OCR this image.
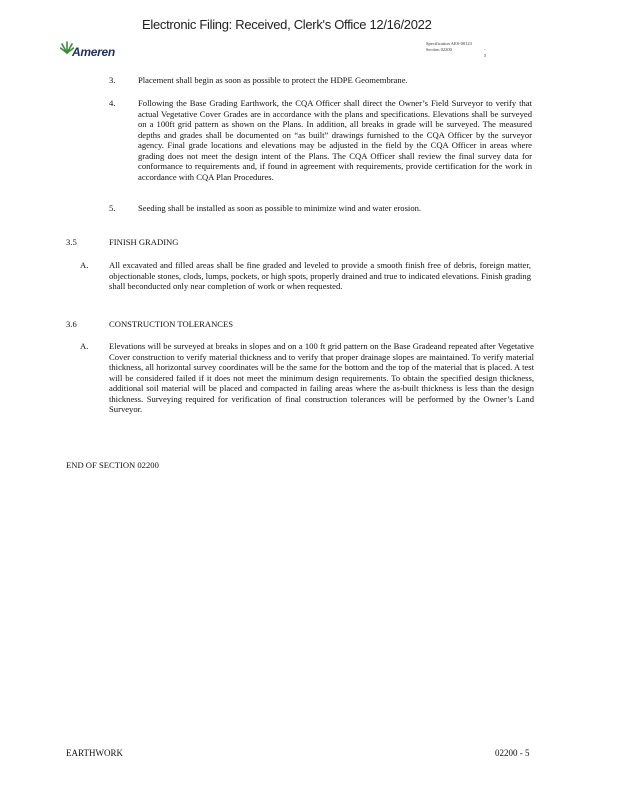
Electronic Filing: Received, Clerk's Office 12/16/2022
Ameren
Specification AES-00123
Section 02200	- 5
3.	Placement shall begin as soon as possible to protect the HDPE Geomembrane.
4.	Following the Base Grading Earthwork, the CQA Officer shall direct the Owner’s Field Surveyor to verify that actual Vegetative Cover Grades are in accordance with the plans and specifications. Elevations shall be surveyed on a 100ft grid pattern as shown on the Plans. In addition, all breaks in grade will be surveyed. The measured depths and grades shall be documented on “as built” drawings furnished to the CQA Officer by the surveyor agency. Final grade locations and elevations may be adjusted in the field by the CQA Officer in areas where grading does not meet the design intent of the Plans. The CQA Officer shall review the final survey data for conformance to requirements and, if found in agreement with requirements, provide certification for the work in accordance with CQA Plan Procedures.
5.	Seeding shall be installed as soon as possible to minimize wind and water erosion.
3.5	FINISH GRADING
A. All excavated and filled areas shall be fine graded and leveled to provide a smooth finish free of debris, foreign matter, objectionable stones, clods, lumps, pockets, or high spots, properly drained and true to indicated elevations. Finish grading shall beconducted only near completion of work or when requested.
3.6	CONSTRUCTION TOLERANCES
A. Elevations will be surveyed at breaks in slopes and on a 100 ft grid pattern on the Base Gradeand repeated after Vegetative Cover construction to verify material thickness and to verify that proper drainage slopes are maintained. To verify material thickness, all horizontal survey coordinates will be the same for the bottom and the top of the material that is placed. A test will be considered failed if it does not meet the minimum design requirements. To obtain the specified design thickness, additional soil material will be placed and compacted in failing areas where the as-built thickness is less than the design thickness. Surveying required for verification of final construction tolerances will be performed by the Owner’s Land Surveyor.
END OF SECTION 02200
EARTHWORK	02200 - 5
